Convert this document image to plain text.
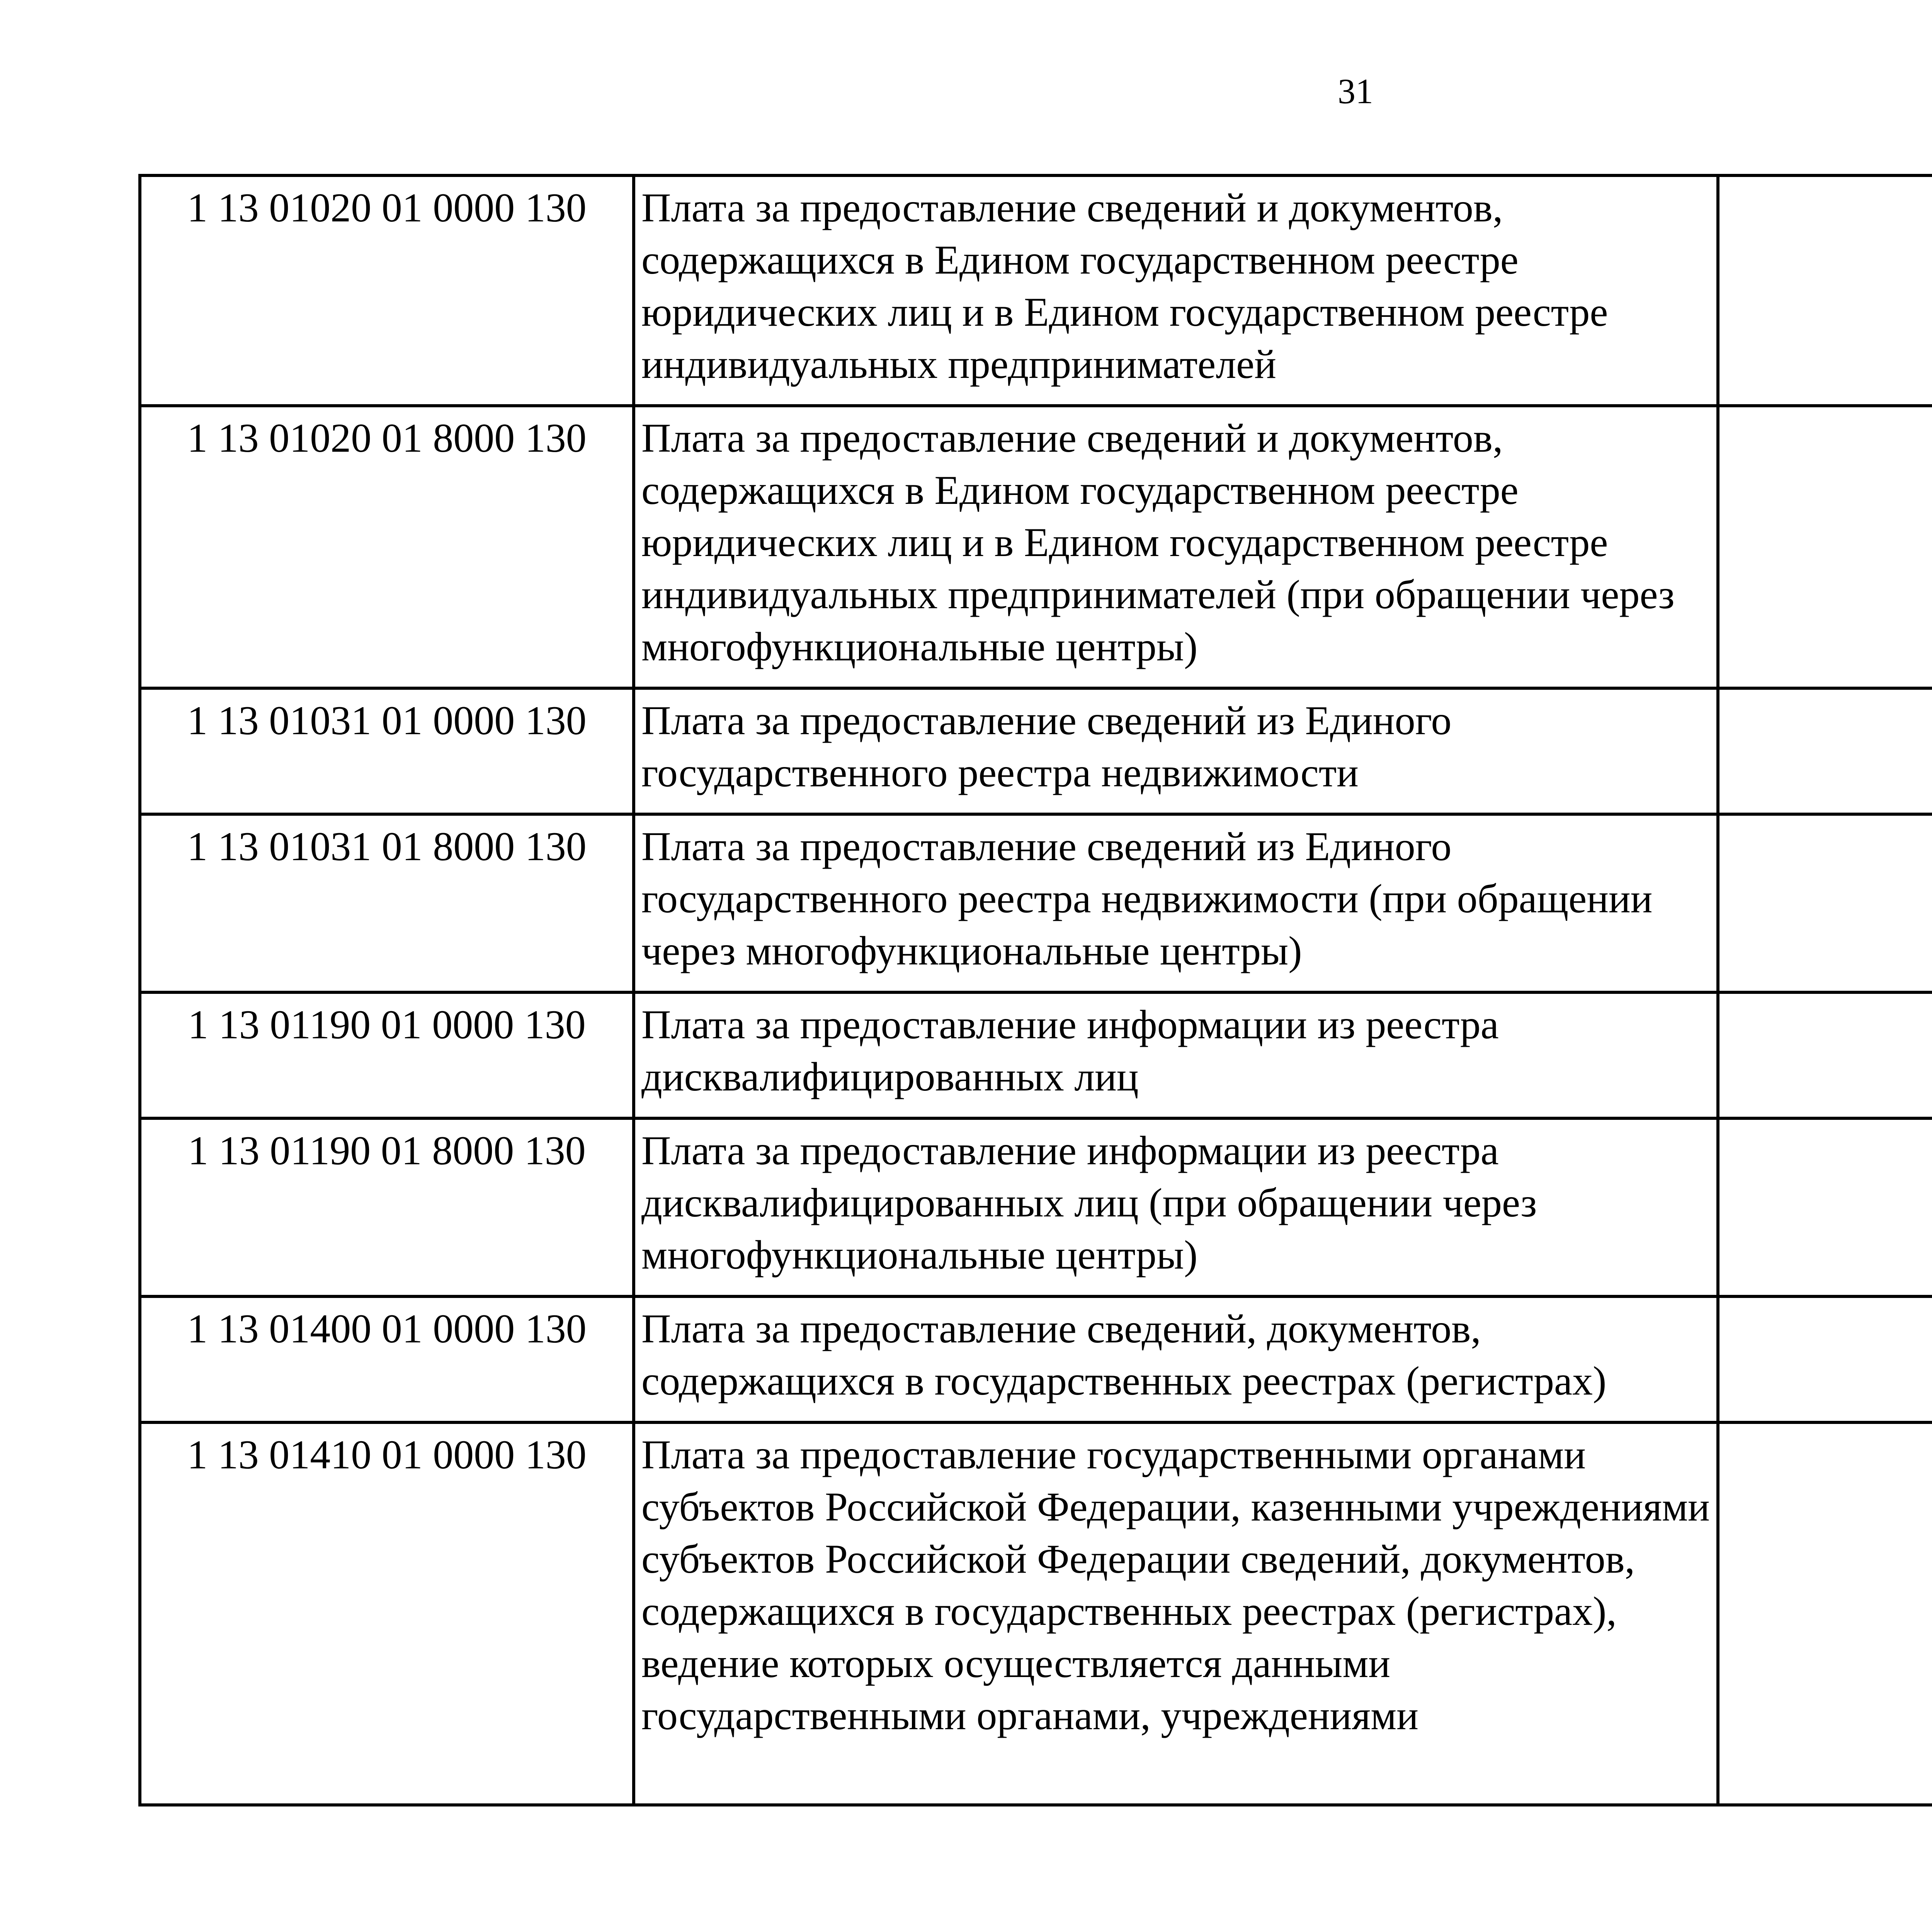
31
1 13 01020 01 0000 130	Плата за предоставление сведений и документов, содержащихся в Едином государственном реестре юридических лиц и в Едином государственном реестре индивидуальных предпринимателей			
1 13 01020 01 8000 130	Плата за предоставление сведений и документов, содержащихся в Едином государственном реестре юридических лиц и в Едином государственном реестре индивидуальных предпринимателей (при обращении через многофункциональные центры)			
1 13 01031 01 0000 130	Плата за предоставление сведений из Единого государственного реестра недвижимости			
1 13 01031 01 8000 130	Плата за предоставление сведений из Единого государственного реестра недвижимости (при обращении через многофункциональные центры)			
1 13 01190 01 0000 130	Плата за предоставление информации из реестра дисквалифицированных лиц			
1 13 01190 01 8000 130	Плата за предоставление информации из реестра дисквалифицированных лиц (при обращении через многофункциональные центры)			
1 13 01400 01 0000 130	Плата за предоставление сведений, документов, содержащихся в государственных реестрах (регистрах)			
1 13 01410 01 0000 130	Плата за предоставление государственными органами субъектов Российской Федерации, казенными учреждениями субъектов Российской Федерации сведений, документов, содержащихся в государственных реестрах (регистрах), ведение которых осуществляется данными государственными органами, учреждениями			
